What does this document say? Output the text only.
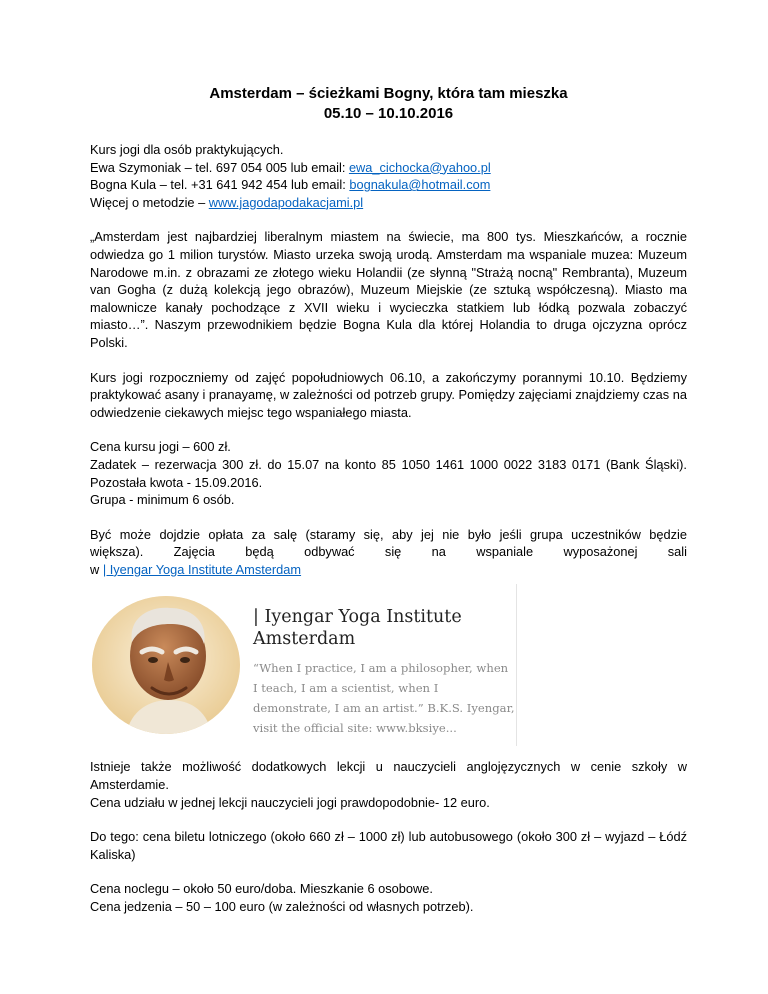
Amsterdam – ścieżkami Bogny, która tam mieszka
05.10 – 10.10.2016

Kurs jogi dla osób praktykujących.
Ewa Szymoniak – tel. 697 054 005 lub email: ewa_cichocka@yahoo.pl
Bogna Kula – tel. +31 641 942 454 lub email: bognakula@hotmail.com
Więcej o metodzie – www.jagodapodakacjami.pl

„Amsterdam jest najbardziej liberalnym miastem na świecie, ma 800 tys. Mieszkańców, a rocznie odwiedza go 1 milion turystów. Miasto urzeka swoją urodą. Amsterdam ma wspaniale muzea: Muzeum Narodowe m.in. z obrazami ze złotego wieku Holandii (ze słynną "Strażą nocną" Rembranta), Muzeum van Gogha (z dużą kolekcją jego obrazów), Muzeum Miejskie (ze sztuką współczesną). Miasto ma malownicze kanały pochodzące z XVII wieku i wycieczka statkiem lub łódką pozwala zobaczyć miasto…”. Naszym przewodnikiem będzie Bogna Kula dla której Holandia to druga ojczyzna oprócz Polski.

Kurs jogi rozpoczniemy od zajęć popołudniowych 06.10, a zakończymy porannymi 10.10. Będziemy praktykować asany i pranayamę, w zależności od potrzeb grupy. Pomiędzy zajęciami znajdziemy czas na odwiedzenie ciekawych miejsc tego wspaniałego miasta.

Cena kursu jogi – 600 zł.
Zadatek – rezerwacja 300 zł. do 15.07 na konto 85 1050 1461 1000 0022 3183 0171 (Bank Śląski). Pozostała kwota - 15.09.2016.
Grupa - minimum 6 osób.

Być może dojdzie opłata za salę (staramy się, aby jej nie było jeśli grupa uczestników będzie
większa). Zajęcia będą odbywać się na wspaniale wyposażonej sali
w | Iyengar Yoga Institute Amsterdam

| Iyengar Yoga Institute Amsterdam

“When I practice, I am a philosopher, when I teach, I am a scientist, when I demonstrate, I am an artist.” B.K.S. Iyengar, visit the official site: www.bksiye...

Istnieje także możliwość dodatkowych lekcji u nauczycieli anglojęzycznych w cenie szkoły w Amsterdamie.
Cena udziału w jednej lekcji nauczycieli jogi prawdopodobnie- 12 euro.

Do tego: cena biletu lotniczego (około 660 zł – 1000 zł) lub autobusowego (około 300 zł – wyjazd – Łódź Kaliska)

Cena noclegu – około 50 euro/doba. Mieszkanie 6 osobowe.
Cena jedzenia – 50 – 100 euro (w zależności od własnych potrzeb).
